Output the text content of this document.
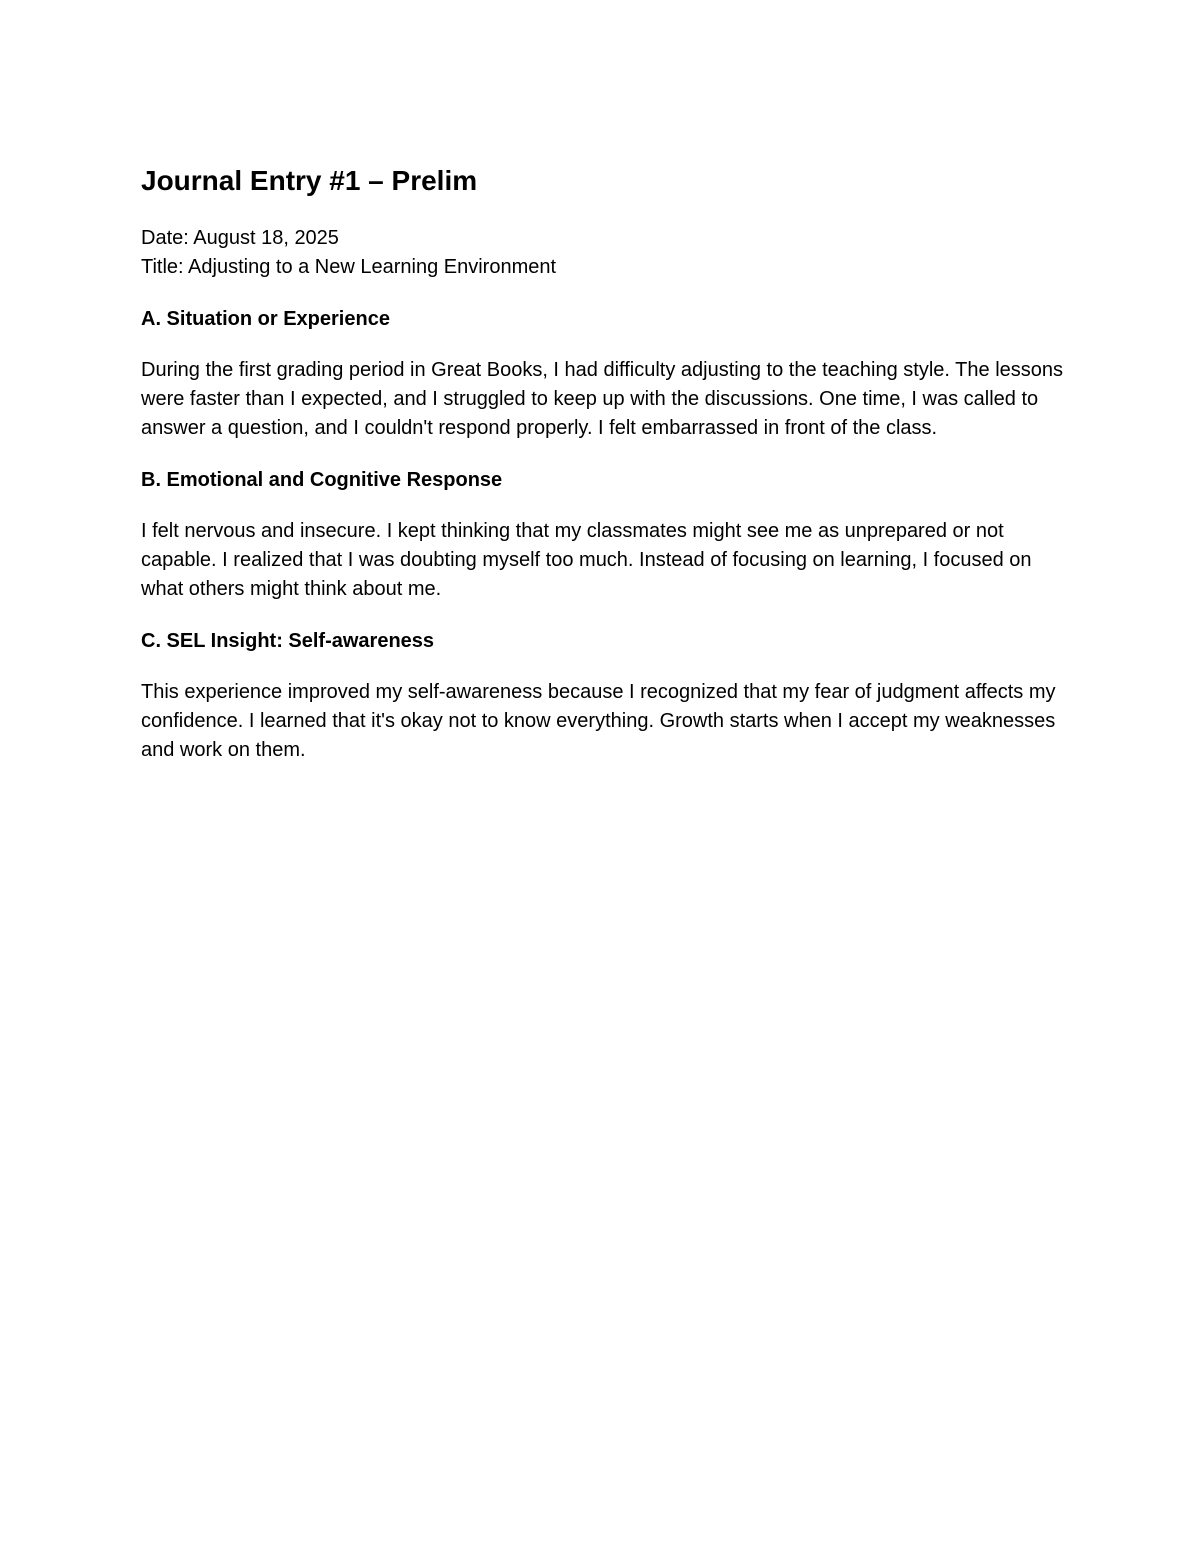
Journal Entry #1 – Prelim
Date: August 18, 2025
Title: Adjusting to a New Learning Environment

A. Situation or Experience

During the first grading period in Great Books, I had difficulty adjusting to the teaching style. The lessons were faster than I expected, and I struggled to keep up with the discussions. One time, I was called to answer a question, and I couldn't respond properly. I felt embarrassed in front of the class.

B. Emotional and Cognitive Response

I felt nervous and insecure. I kept thinking that my classmates might see me as unprepared or not capable. I realized that I was doubting myself too much. Instead of focusing on learning, I focused on what others might think about me.

C. SEL Insight: Self-awareness

This experience improved my self-awareness because I recognized that my fear of judgment affects my confidence. I learned that it's okay not to know everything. Growth starts when I accept my weaknesses and work on them.
